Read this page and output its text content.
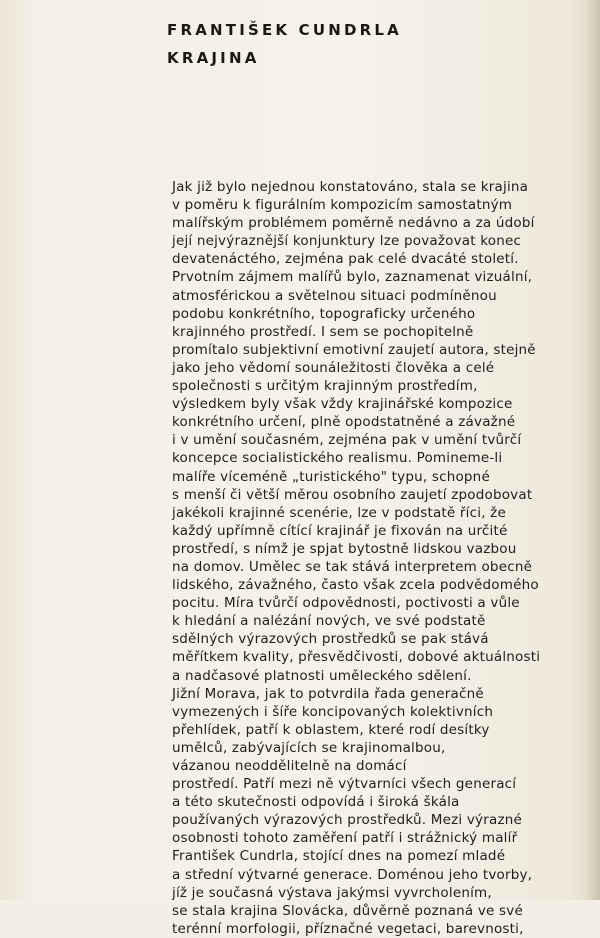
FRANTIŠEK CUNDRLA
KRAJINA
Jak již bylo nejednou konstatováno, stala se krajina
v poměru k figurálním kompozicím samostatným
malířským problémem poměrně nedávno a za údobí
její nejvýraznější konjunktury lze považovat konec
devatenáctého, zejména pak celé dvacáté století.
Prvotním zájmem malířů bylo, zaznamenat vizuální,
atmosférickou a světelnou situaci podmíněnou
podobu konkrétního, topograficky určeného
krajinného prostředí. I sem se pochopitelně
promítalo subjektivní emotivní zaujetí autora, stejně
jako jeho vědomí sounáležitosti člověka a celé
společnosti s určitým krajinným prostředím,
výsledkem byly však vždy krajinářské kompozice
konkrétního určení, plně opodstatněné a závažné
i v umění současném, zejména pak v umění tvůrčí
koncepce socialistického realismu. Pomineme-li
malíře víceméně „turistického" typu, schopné
s menší či větší měrou osobního zaujetí zpodobovat
jakékoli krajinné scenérie, lze v podstatě říci, že
každý upřímně cítící krajinář je fixován na určité
prostředí, s nímž je spjat bytostně lidskou vazbou
na domov. Umělec se tak stává interpretem obecně
lidského, závažného, často však zcela podvědomého
pocitu. Míra tvůrčí odpovědnosti, poctivosti a vůle
k hledání a nalézání nových, ve své podstatě
sdělných výrazových prostředků se pak stává
měřítkem kvality, přesvědčivosti, dobové aktuálnosti
a nadčasové platnosti uměleckého sdělení.
Jižní Morava, jak to potvrdila řada generačně
vymezených i šíře koncipovaných kolektivních
přehlídek, patří k oblastem, které rodí desítky
umělců, zabývajících se krajinomalbou,
vázanou neoddělitelně na domácí
prostředí. Patří mezi ně výtvarníci všech generací
a této skutečnosti odpovídá i široká škála
používaných výrazových prostředků. Mezi výrazné
osobnosti tohoto zaměření patří i strážnický malíř
František Cundrla, stojící dnes na pomezí mladé
a střední výtvarné generace. Doménou jeho tvorby,
jíž je současná výstava jakýmsi vyvrcholením,
se stala krajina Slovácka, důvěrně poznaná ve své
terénní morfologii, příznačné vegetaci, barevnosti,
